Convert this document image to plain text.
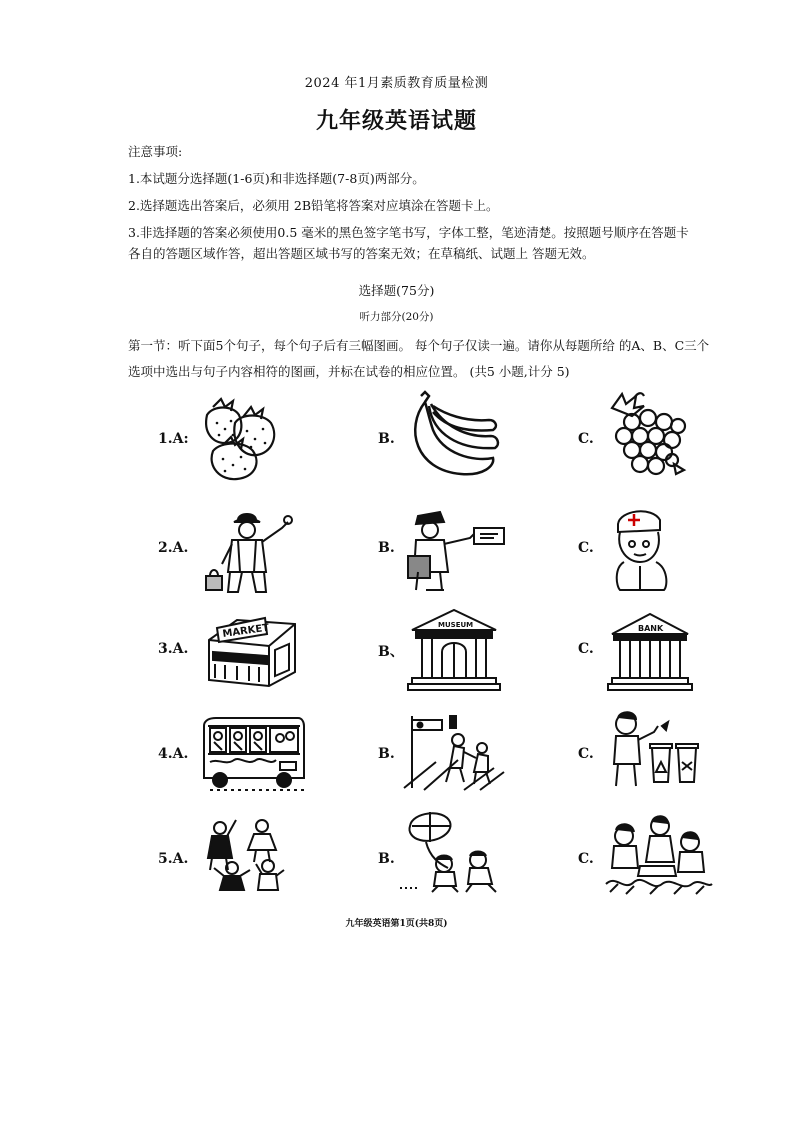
2024 年1月素质教育质量检测
九年级英语试题
注意事项:
1.本试题分选择题(1-6页)和非选择题(7-8页)两部分。
2.选择题选出答案后，必须用 2B铅笔将答案对应填涂在答题卡上。
3.非选择题的答案必须使用0.5 毫米的黑色签字笔书写，字体工整，笔迹清楚。按照题号顺序在答题卡
各自的答题区域作答，超出答题区域书写的答案无效；在草稿纸、试题上 答题无效。
选择题(75分)
听力部分(20分)
第一节：听下面5个句子，每个句子后有三幅图画。 每个句子仅读一遍。请你从每题所给 的A、B、C三个
选项中选出与句子内容相符的图画，并标在试卷的相应位置。 (共5 小题,计分 5)
1.A:	B.	C.
2.A.	B.	C.
3.A.	B、	C.
MARKET	MUSEUM	BANK
4.A.	B.	C.
5.A.	B.	C.
九年级英语第1页(共8页)
